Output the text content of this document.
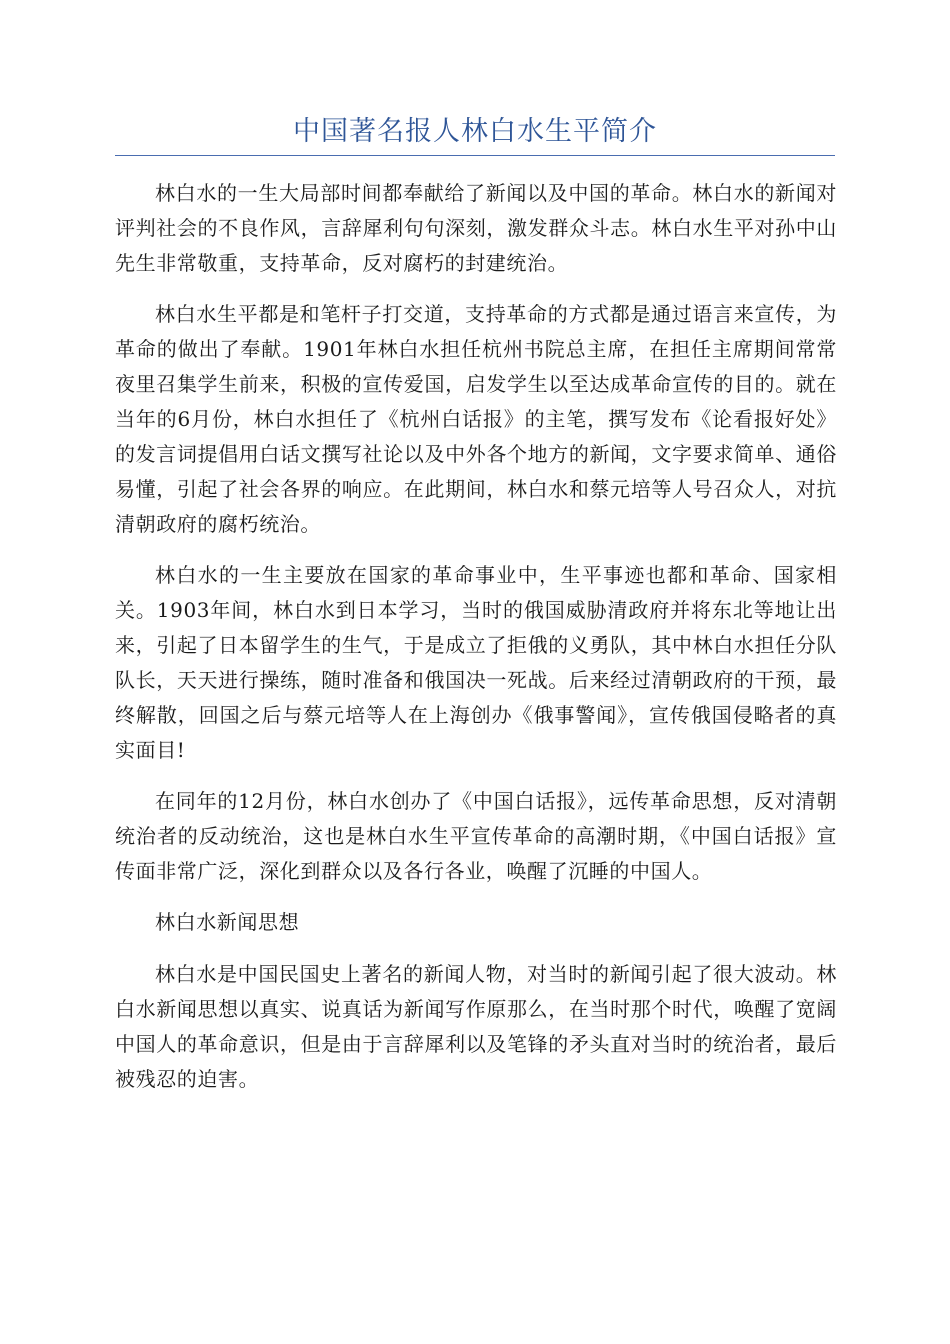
中国著名报人林白水生平简介

林白水的一生大局部时间都奉献给了新闻以及中国的革命。林白水的新闻对评判社会的不良作风，言辞犀利句句深刻，激发群众斗志。林白水生平对孙中山先生非常敬重，支持革命，反对腐朽的封建统治。

林白水生平都是和笔杆子打交道，支持革命的方式都是通过语言来宣传，为革命的做出了奉献。1901年林白水担任杭州书院总主席，在担任主席期间常常夜里召集学生前来，积极的宣传爱国，启发学生以至达成革命宣传的目的。就在当年的6月份，林白水担任了《杭州白话报》的主笔，撰写发布《论看报好处》的发言词提倡用白话文撰写社论以及中外各个地方的新闻，文字要求简单、通俗易懂，引起了社会各界的响应。在此期间，林白水和蔡元培等人号召众人，对抗清朝政府的腐朽统治。

林白水的一生主要放在国家的革命事业中，生平事迹也都和革命、国家相关。1903年间，林白水到日本学习，当时的俄国威胁清政府并将东北等地让出来，引起了日本留学生的生气，于是成立了拒俄的义勇队，其中林白水担任分队队长，天天进行操练，随时准备和俄国决一死战。后来经过清朝政府的干预，最终解散，回国之后与蔡元培等人在上海创办《俄事警闻》，宣传俄国侵略者的真实面目!

在同年的12月份，林白水创办了《中国白话报》，远传革命思想，反对清朝统治者的反动统治，这也是林白水生平宣传革命的高潮时期，《中国白话报》宣传面非常广泛，深化到群众以及各行各业，唤醒了沉睡的中国人。

林白水新闻思想

林白水是中国民国史上著名的新闻人物，对当时的新闻引起了很大波动。林白水新闻思想以真实、说真话为新闻写作原那么，在当时那个时代，唤醒了宽阔中国人的革命意识，但是由于言辞犀利以及笔锋的矛头直对当时的统治者，最后被残忍的迫害。
